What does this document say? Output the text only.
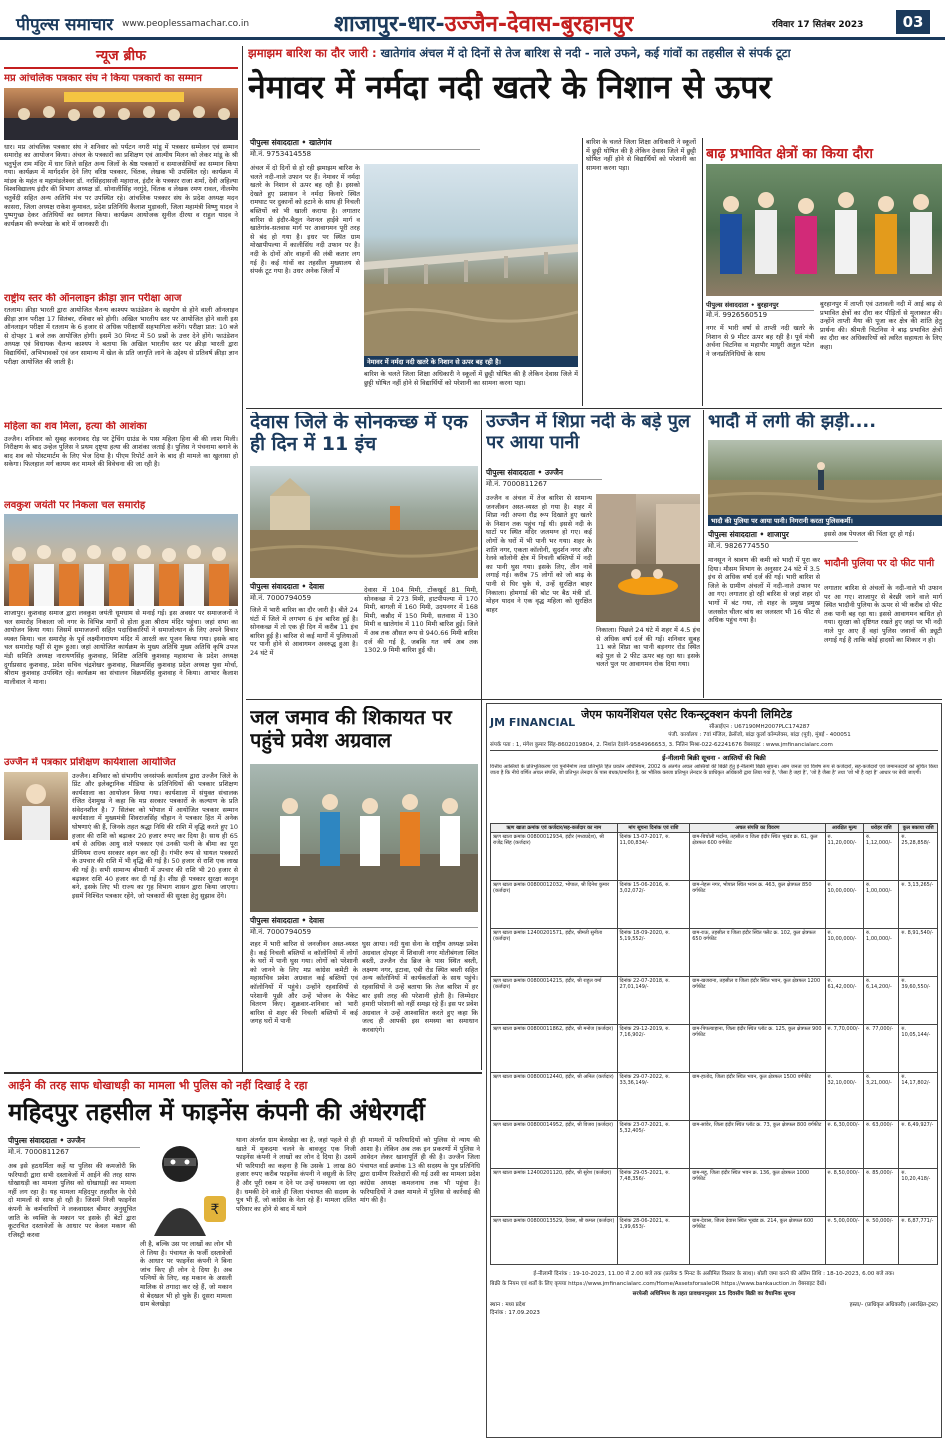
पीपुल्स समाचार www.peoplessamachar.co.in	शाजापुर-धार-उज्जैन-देवास-बुरहानपुर	रविवार 17 सितंबर 2023	03
न्यूज ब्रीफ
मप्र आंचलिक पत्रकार संघ ने किया पत्रकारों का सम्मान
धार। मप्र आंचलिक पत्रकार संघ ने शनिवार को पर्यटन नगरी मांडू में पत्रकार सम्मेलन एवं सम्मान समारोह का आयोजन किया। अंचल के पत्रकारों का प्रशिक्षण एवं आत्मीय मिलन को लेकर मांडू के श्री चतुर्भुज राम मंदिर में धार जिले सहित अन्य जिलों के श्रेष्ठ पत्रकारों व समाजसेवियों का सम्मान किया गया। कार्यक्रम में मार्गदर्शन देने लिए वरिष्ठ पत्रकार, चिंतक, लेखक भी उपस्थित रहे। कार्यक्रम में मांडव के महंत व महामंडलेश्वर डॉ. नरसिंहदासजी महाराज, इंदौर के पत्रकार राजा शर्मा, देवी अहिल्या विश्वविद्यालय इंदौर की विभाग अध्यक्ष डॉ. सोनालीसिंह नरगुंदे, चिंतक व लेखक रमण रावल, नीलमेघ चतुर्वेदी सहित अन्य अतिथि मंच पर उपस्थित रहे। आंचलिक पत्रकार संघ के प्रदेश अध्यक्ष मदन कासरा, जिला अध्यक्ष राकेश कुमावत, प्रदेश प्रतिनिधि कैलाश मुड़ावली, जिला महामंत्री विष्णु यादव ने पुष्पगुच्छ देकर अतिथियों का स्वागत किया। कार्यक्रम आयोजक सुनील दीरया व राहुल यादव ने कार्यक्रम की रूपरेखा के बारे में जानकारी दी।
राष्ट्रीय स्तर की ऑनलाइन क्रीड़ा ज्ञान परीक्षा आज
रतलाम। क्रीड़ा भारती द्वारा आयोजित चैतन्य काश्यप फाउंडेशन के सहयोग से होने वाली ऑनलाइन क्रीड़ा ज्ञान परीक्षा 17 सितंबर, रविवार को होगी। अखिल भारतीय स्तर पर आयोजित होने वाली इस ऑनलाइन परीक्षा में रतलाम के 6 हजार से अधिक परीक्षार्थी सहभागिता करेंगे। परीक्षा प्रात: 10 बजे से दोपहर 1 बजे तक आयोजित होगी। इसमें 30 मिनट में 50 प्रश्नों के उत्तर देने होंगे। फाउंडेशन अध्यक्ष एवं विधायक चैतन्य काश्यप ने बताया कि अखिल भारतीय स्तर पर क्रीड़ा भारती द्वारा विद्यार्थियों, अभिभावकों एवं जन सामान्य में खेल के प्रति जागृति लाने के उद्देश्य से प्रतिवर्ष क्रीड़ा ज्ञान परीक्षा आयोजित की जाती है।
महिला का शव मिला, हत्या की आशंका
उज्जैन। शनिवार को सुबह करनावद रोड़ पर ट्रेचिंग ग्राउंड के पास महिला हिना बी की लाश मिली। निरीक्षण के बाद उन्हेल पुलिस ने प्रथम दृष्ट्या हत्या की आशंका जताई है। पुलिस ने पंचनामा बनाने के बाद शव को पोस्टमार्टम के लिए भेज दिया है। पीएम रिपोर्ट आने के बाद ही मामले का खुलासा हो सकेगा। फिलहाल मर्ग कायम कर मामले की विवेचना की जा रही है।
लवकुश जयंती पर निकला चल समारोह
शाजापुर। कुशवाह समाज द्वारा लवकुश जयंती धूमधाम से मनाई गई। इस अवसर पर समाजजनों ने चल समारोह निकाला जो नगर के विभिन्न मार्गों से होता हुआ श्रीराम मंदिर पहुंचा। जहां सभा का आयोजन किया गया। जिसमें समाजजनों सहित पदाधिकारियों ने समाजोत्थान के लिए अपने विचार व्यक्त किया। चल समारोह के पूर्व लक्ष्मीनारायण मंदिर में आरती कर पूजन किया गया। इसके बाद चल समारोह यहीं से शुरू हुआ। जहां आयोजित कार्यक्रम के मुख्य अतिथि मुख्य अतिथि कृषि उपज मंडी समिति अध्यक्ष नारायणसिंह कुशवाह, विशिष्ट अतिथि कुशवाह महासभा के प्रदेश अध्यक्ष दुर्गाप्रसाद कुशवाह, प्रदेश सचिव चंद्रशेखर कुशवाह, विक्रमसिंह कुशवाह प्रदेश अध्यक्ष युवा मोर्चा, श्रीराम कुशवाह उपस्थित रहे। कार्यक्रम का संचालन विक्रमसिंह कुशवाह ने किया। आभार कैलाश मालीवाल ने माना।
उज्जैन में पत्रकार प्रशिक्षण कार्यशाला आयोजित
उज्जैन। शनिवार को संभागीय जनसंपर्क कार्यालय द्वारा उज्जैन जिले के प्रिंट और इलेक्ट्रानिक मीडिया के प्रतिनिधियों की पत्रकार प्रशिक्षण कार्यशाला का आयोजन किया गया। कार्यशाला में संयुक्त संचालक रंजित देशमुख ने कहा कि मप्र सरकार पत्रकारों के कल्याण के प्रति संवेदनशील है। 7 सितंबर को भोपाल में आयोजित पत्रकार सम्मान कार्यशाला में मुख्यमंत्री शिवराजसिंह चौहान ने पत्रकार हित में अनेक घोषणाएं की हैं, जिनके तहत श्रद्धा निधि की राशि में वृद्धि करते हुए 10 हजार की राशि को बढ़ाकर 20 हजार रुपए कर दिया है। साथ ही 65 वर्ष से अधिक आयु वाले पत्रकार एवं उनकी पत्नी के बीमा का पूरा प्रीमियम राज्य सरकार वहन कर रही है। गंभीर रूप से घायल पत्रकारों के उपचार की राशि में भी वृद्धि की गई है। 50 हजार से राशि एक लाख की गई है। सभी सामान्य बीमारी में उपचार की राशि भी 20 हजार से बढ़ाकर राशि 40 हजार कर दी गई है। शीघ्र ही पत्रकार सुरक्षा कानून बने, इसके लिए भी राज्य का गृह विभाग शासन द्वारा किया जाएगा। इसमें निश्चित पत्रकार रहेंगे, जो पत्रकारों की सुरक्षा हेतु सुझाव देंगे।
झमाझम बारिश का दौर जारी : खातेगांव अंचल में दो दिनों से तेज बारिश से नदी - नाले उफने, कई गांवों का तहसील से संपर्क टूटा
नेमावर में नर्मदा नदी खतरे के निशान से ऊपर
पीपुल्स संवाददाता • खातेगांव
मो.नं. 9753414558
अंचल में दो दिनों से हो रही झमाझम बारिश के चलते नदी-नाले उफान पर हैं। नेमावर में नर्मदा खतरे के निशान से ऊपर बह रही है। इसको देखते हुए प्रशासन ने नर्मदा किनारे स्थित रामघाट पर दुकानों को हटाने के साथ ही निचली बस्तियों को भी खाली कराया है। लगातार बारिश से इंदौर-बैतूल नेशनल हाईवे मार्ग व खातेगांव-सतवास मार्ग पर आवागमन पूरी तरह से बंद हो गया है। इधर पर स्थित ग्राम मोखापीपल्या में कालीसिंध नदी उफान पर है। नदी के दोनों ओर वाहनों की लंबी कतार लग गई है। कई गांवों का तहसील मुख्यालय से संपर्क टूट गया है। उधर अनेक जिलों में
नेमावर में नर्मदा नदी खतरे के निशान से ऊपर बह रही है।
बारिश के चलते जिला शिक्षा अधिकारी ने स्कूलों में छुट्टी घोषित की है लेकिन देवास जिले में छुट्टी घोषित नहीं होने से विद्यार्थियों को परेशानी का सामना करना पड़ा।
बारिश के चलते जिला शिक्षा अधिकारी ने स्कूलों में छुट्टी घोषित की है लेकिन देवास जिले में छुट्टी घोषित नहीं होने से विद्यार्थियों को परेशानी का सामना करना पड़ा।
बाढ़ प्रभावित क्षेत्रों का किया दौरा
पीपुल्स संवाददाता • बुरहानपुर
मो.नं. 9926560519
नगर में भारी वर्षा से ताप्ती नदी खतरे के निशान से 9 मीटर ऊपर बह रही है। पूर्व मंत्री अर्चना चिटनिस व महापौर माधुरी अतुल पटेल ने जनप्रतिनिधियों के साथ
बुरहानपुर में ताप्ती एवं उतावली नदी में आई बाढ़ से प्रभावित क्षेत्रों का दौरा कर पीड़ितों से मुलाकात की। उन्होंने ताप्ती मैया की पूजा कर क्षेत्र की शांति हेतु प्रार्थना की। श्रीमती चिटनिस ने बाढ़ प्रभावित क्षेत्रों का दौरा कर अधिकारियों को त्वरित सहायता के लिए कहा।
देवास जिले के सोनकच्छ में एक ही दिन में 11 इंच
पीपुल्स संवाददाता • देवास
मो.नं. 7000794059
जिले में भारी बारिश का दौर जारी है। बीते 24 घंटों में जिले में लगभग 6 इंच बारिश हुई है। सोनकच्छ में तो एक ही दिन में करीब 11 इंच बारिश हुई है। बारिश से कई मार्गों में पुलियाओं पर पानी होने से आवागमन अवरुद्ध हुआ है। 24 घंटे में
देवास में 104 मिमी, टोंकखुर्द 81 मिमी, सोनकच्छ में 273 मिमी, हाटपीपल्या में 170 मिमी, बागली में 160 मिमी, उदयनगर में 168 मिमी, कन्नौद में 150 मिमी, सतवास में 130 मिमी व खातेगांव में 110 मिमी बारिश हुई। जिले में अब तक औसत रूप से 940.66 मिमी बारिश दर्ज की गई है, जबकि गत वर्ष अब तक 1302.9 मिमी बारिश हुई थी।
उज्जैन में शिप्रा नदी के बड़े पुल पर आया पानी
पीपुल्स संवाददाता • उज्जैन
मो.नं. 7000811267
उज्जैन व अंचल में तेज बारिश से सामान्य जनजीवन अस्त-व्यस्त हो गया है। शहर में शिप्रा नदी अपना रौद्र रूप दिखाते हुए खतरे के निशान तक पहुंच गई थी। इससे नदी के घाटों पर स्थित मंदिर जलमग्न हो गए। कई लोगों के घरों में भी पानी भर गया। शहर के शांति नगर, एकता कॉलोनी, सुदर्शन नगर और रेलवे कॉलोनी क्षेत्र में निचली बस्तियों में नदी का पानी घुस गया। इसके लिए, तीन नावें लगाई गई। करीब 75 लोगों को जो बाढ़ के पानी से घिर चुके थे, उन्हें सुरक्षित बाहर निकाला। होमगार्ड की बोट पर बैठ मंत्री डॉ. मोहन यादव ने एक वृद्ध महिला को सुरक्षित बाहर
निकाला। पिछले 24 घंटे में शहर में 4.5 इंच से अधिक वर्षा दर्ज की गई। शनिवार सुबह 11 बजे शिप्रा का पानी बड़नगर रोड स्थित बड़े पुल से 2 फीट ऊपर बह रहा था। इसके चलते पुल पर आवागमन रोक दिया गया।
भादौ में लगी की झड़ी....
भादौ की पुलिया पर आया पानी। निगरानी करता पुलिसकर्मी।
पीपुल्स संवाददाता • शाजापुर
मो.नं. 9826774550
मानसून ने श्रावण की कमी को भादौ में पूरा कर दिया। मौसम विभाग के अनुसार 24 घंटे में 3.5 इंच से अधिक वर्षा दर्ज की गई। भारी बारिश से जिले के ग्रामीण अंचलों में नदी-नाले उफान पर आ गए। लगातार हो रही बारिश से जहां शहर दो भागों में बंट गया, तो शहर के प्रमुख प्रमुख जलस्रोत चीलर बांध का जलस्तर भी 16 फीट से अधिक पहुंच गया है।
इससे अब पेयजल की चिंता दूर हो गई।
भादौनी पुलिया पर दो फीट पानी
लगातार बारिश से अंचलों के नदी-नाले भी उफान पर आ गए। शाजापुर से बेरछी जाने वाले मार्ग स्थित भादौनी पुलिया के ऊपर से भी करीब दो फीट तक पानी बह रहा था। इससे आवागमन बाधित हो गया। सुरक्षा को दृष्टिगत रखते हुए जहां पर भी नदी नाले पुर आए हैं वहां पुलिस जवानों की ड्यूटी लगाई गई है ताकि कोई हादसों का शिकार न हो।
जल जमाव की शिकायत पर पहुंचे प्रवेश अग्रवाल
पीपुल्स संवाददाता • देवास
मो.नं. 7000794059
शहर में भारी बारिश से जनजीवन अस्त-व्यस्त है। कई निचली बस्तियों व कॉलोनियों में लोगों के घरों में पानी घुस गया। लोगों को परेशानी को जानने के लिए मप्र कांग्रेस कमेटी के महासचिव प्रवेश अग्रवाल कई बस्तियों एवं कॉलोनियों में पहुंचे। उन्होंने रहवासियों से परेशानी पूछी और उन्हें भोजन के पैकेट वितरण किए। शुक्रवार-शनिवार को भारी बारिश से शहर की निचली बस्तियों में कई जगह घरों में पानी
घुस आया। नदी युवा सेना के राष्ट्रीय अध्यक्ष प्रवेश अग्रवाल दोपहर में शिवाजी नगर मोतीबंगला स्थित बस्ती, उज्जैन रोड ब्रिज के पास स्थित बस्ती, लक्ष्मण नगर, इटावा, एबी रोड स्थित बस्ती सहित अन्य कॉलोनियों में कार्यकर्ताओं के साथ पहुंचे। रहवासियों ने उन्हें बताया कि तेज बारिश में हर बार इसी तरह की परेशानी होती है। जिम्मेदार हमारी परेशानी को नहीं समझ रहे हैं। इस पर प्रवेश अग्रवाल ने उन्हें आश्वासित करते हुए कहा कि जल्द ही आपकी इस समस्या का समाधान करवाएंगे।
JM FINANCIAL
जेएम फायनेंशियल एसेट रिकन्स्ट्रक्शन कंपनी लिमिटेड
सीआईएन : U67190MH2007PLC174287
पंजी. कार्यालय : 7वां मंजिल, क्रेसेंजो, बांद्रा कुर्ला कॉम्प्लेक्स, बांद्रा (पूर्व), मुंबई - 400051
संपर्क पता : 1, मंगेश कुमार सिंह-8602019804, 2. निशांत देवांगे-9584966653, 3. नितिन मिश्रा-022-62241676 वेबसाइट : www.jmfinancialarc.com
ई-नीलामी बिक्री सूचना - आस्तियों की बिक्री
वित्तीय आस्तियों के प्रतिभूतिकरण एवं पुनर्निर्माण तथा प्रतिभूति हित प्रवर्तन अधिनियम, 2002 के अंतर्गत अचल आस्तियों की बिक्री हेतु ई-नीलामी बिक्री सूचना। आम जनता एवं विशेष रूप से कर्जदारों, सह-कर्जदारों एवं जमानतदारों को सूचित किया जाता है कि नीचे वर्णित अचल संपत्ति, जो प्रतिभूत लेनदार के पास बंधक/प्रभारित है, का भौतिक कब्जा प्रतिभूत लेनदार के प्राधिकृत अधिकारी द्वारा लिया गया है, 'जैसा है जहां है', 'जो है जैसा है' तथा 'जो भी है वहां है' आधार पर बेची जाएगी।
ऋण खाता क्रमांक एवं कर्जदार/सह-कर्जदार का नाम	मांग सूचना दिनांक एवं राशि	अचल संपत्ति का विवरण	आरक्षित मूल्य	धरोहर राशि	कुल बकाया राशि
ऋण खाता क्रमांक 00800012934, इंदौर (मध्यप्रदेश), श्री राजेंद्र सिंह (कर्जदार)	दिनांक 13-07-2017, रु. 11,00,834/-	ग्राम-बिचोली मर्दाना, तहसील व जिला इंदौर स्थित भूखंड क्र. 61, कुल क्षेत्रफल 600 वर्गफीट	रु. 11,20,000/-	रु. 1,12,000/-	रु. 25,28,858/-
ऋण खाता क्रमांक 00800012032, भोपाल, श्री दिनेश कुमार (कर्जदार)	दिनांक 15-06-2016, रु. 3,02,072/-	ग्राम-नेहरू नगर, भोपाल स्थित भवन क्र. 463, कुल क्षेत्रफल 850 वर्गफीट	रु. 10,00,000/-	रु. 1,00,000/-	रु. 3,13,265/-
ऋण खाता क्रमांक 12400201571, इंदौर, श्रीमती सुनीता (कर्जदार)	दिनांक 18-09-2020, रु. 5,19,552/-	ग्राम-राऊ, तहसील व जिला इंदौर स्थित फ्लैट क्र. 102, कुल क्षेत्रफल 650 वर्गफीट	रु. 10,00,000/-	रु. 1,00,000/-	रु. 8,91,540/-
ऋण खाता क्रमांक 00800014215, इंदौर, श्री राहुल वर्मा (कर्जदार)	दिनांक 22-07-2018, रु. 27,01,149/-	ग्राम-खजराना, तहसील व जिला इंदौर स्थित भवन, कुल क्षेत्रफल 1200 वर्गफीट	रु. 61,42,000/-	रु. 6,14,200/-	रु. 39,60,550/-
ऋण खाता क्रमांक 00800011862, इंदौर, श्री मनोज (कर्जदार)	दिनांक 29-12-2019, रु. 7,16,902/-	ग्राम-पिपल्याहाना, जिला इंदौर स्थित प्लॉट क्र. 125, कुल क्षेत्रफल 900 वर्गफीट	रु. 7,70,000/-	रु. 77,000/-	रु. 10,05,144/-
ऋण खाता क्रमांक 00800012440, इंदौर, श्री अनिल (कर्जदार)	दिनांक 29-07-2022, रु. 33,36,149/-	ग्राम-हातोद, जिला इंदौर स्थित भवन, कुल क्षेत्रफल 1500 वर्गफीट	रु. 32,10,000/-	रु. 3,21,000/-	रु. 14,17,802/-
ऋण खाता क्रमांक 00800014952, इंदौर, श्री विजय (कर्जदार)	दिनांक 23-07-2021, रु. 5,32,405/-	ग्राम-सांवेर, जिला इंदौर स्थित प्लॉट क्र. 73, कुल क्षेत्रफल 800 वर्गफीट	रु. 6,30,000/-	रु. 63,000/-	रु. 6,49,927/-
ऋण खाता क्रमांक 12400201120, इंदौर, श्री सुरेश (कर्जदार)	दिनांक 29-05-2021, रु. 7,48,356/-	ग्राम-महू, जिला इंदौर स्थित भवन क्र. 136, कुल क्षेत्रफल 1000 वर्गफीट	रु. 8,50,000/-	रु. 85,000/-	रु. 10,20,418/-
ऋण खाता क्रमांक 00800013529, देवास, श्री कमल (कर्जदार)	दिनांक 28-06-2021, रु. 1,99,653/-	ग्राम-देवास, जिला देवास स्थित भूखंड क्र. 214, कुल क्षेत्रफल 600 वर्गफीट	रु. 5,00,000/-	रु. 50,000/-	रु. 6,87,771/-
ई-नीलामी दिनांक : 19-10-2023, 11.00 से 2.00 बजे तक (प्रत्येक 5 मिनट के असीमित विस्तार के साथ)। बोली जमा करने की अंतिम तिथि : 18-10-2023, 6.00 बजे तक।
बिक्री के नियम एवं शर्तों के लिए कृपया https://www.jmfinancialarc.com/Home/AssetsforsaleOR https://www.bankauction.in वेबसाइट देखें।
सरफेसी अधिनियम के तहत प्रावधानानुसार 15 दिवसीय बिक्री का वैधानिक सूचना
स्थान : मध्य प्रदेश
दिनांक : 17.09.2023
हस्ता/- (प्राधिकृत अधिकारी) (आरक्षित-ट्रस्ट)
आईने की तरह साफ धोखाधड़ी का मामला भी पुलिस को नहीं दिखाई दे रहा
महिदपुर तहसील में फाइनेंस कंपनी की अंधेरगर्दी
पीपुल्स संवाददाता • उज्जैन
मो.नं. 7000811267
अब इसे हठधर्मिता कहें या पुलिस की कमजोरी कि फरियादी द्वारा सभी दस्तावेजों में आईने की तरह साफ धोखाधड़ी का मामला पुलिस को धोखाधड़ी का मामला नहीं लग रहा है। यह मामला महिदपुर तहसील के ऐसे दो मामलों से साफ हो रही है। जिसमें निजी फाइनेंस कंपनी के कर्मचारियों ने लकवाग्रस्त बीमार अनुसूचित जाति के व्यक्ति के मकान पर इसके ही बेटों द्वारा कूटरचित दस्तावेजों के आधार पर केवल मकान की रजिस्ट्री करवा
₹
ली है, बल्कि उस पर लाखों का लोन भी ले लिया है। पंचायत के फर्जी दस्तावेजों के आधार पर फाइनेंस कंपनी ने बिना जांच किए ही लोन दे दिया है। अब पत्नियों के लिए, वह मकान के असली मालिक से तगादा कर रहे हैं, जो मकान से बेदखल भी हो चुके हैं। दूसरा मामला ग्राम बेलखेड़ा
थाना अंतर्गत ग्राम बेलखेड़ा का है, जहां पहले से ही खाते में मुकदमा चलने के बावजूद एक निजी फाइनेंस कंपनी ने लाखों का लोन दे दिया है। उसमें भी फरियादी का कहना है कि उसके 1 लाख 80 हजार रुपए करीब फाइनेंस कंपनी ने वसूली के लिए है और पूरी रकम न देने पर उन्हें धमकाया जा रहा है। धमकी देने वाले ही जिला पंचायत की सदस्य के पुत्र भी हैं, जो कांग्रेस के नेता रहे हैं। मामला दलित परिवार का होने से बाद में थाने
ही मामलों में फरियादियों को पुलिस से न्याय की आशा है। लेकिन अब तक इन प्रकरणों में पुलिस ने आवेदन लेकर खानापूर्ति ही की है। उज्जैन जिला पंचायत वार्ड क्रमांक 13 की सदस्य के पुत्र प्रतिनिधि द्वारा ग्रामीण रिश्तेदारों की गई उसी का मामला प्रदेश कांग्रेस अध्यक्ष कमलनाथ तक भी पहुंचा है। फरियादियों ने उक्त मामले में पुलिस से कार्रवाई की मांग की है।
